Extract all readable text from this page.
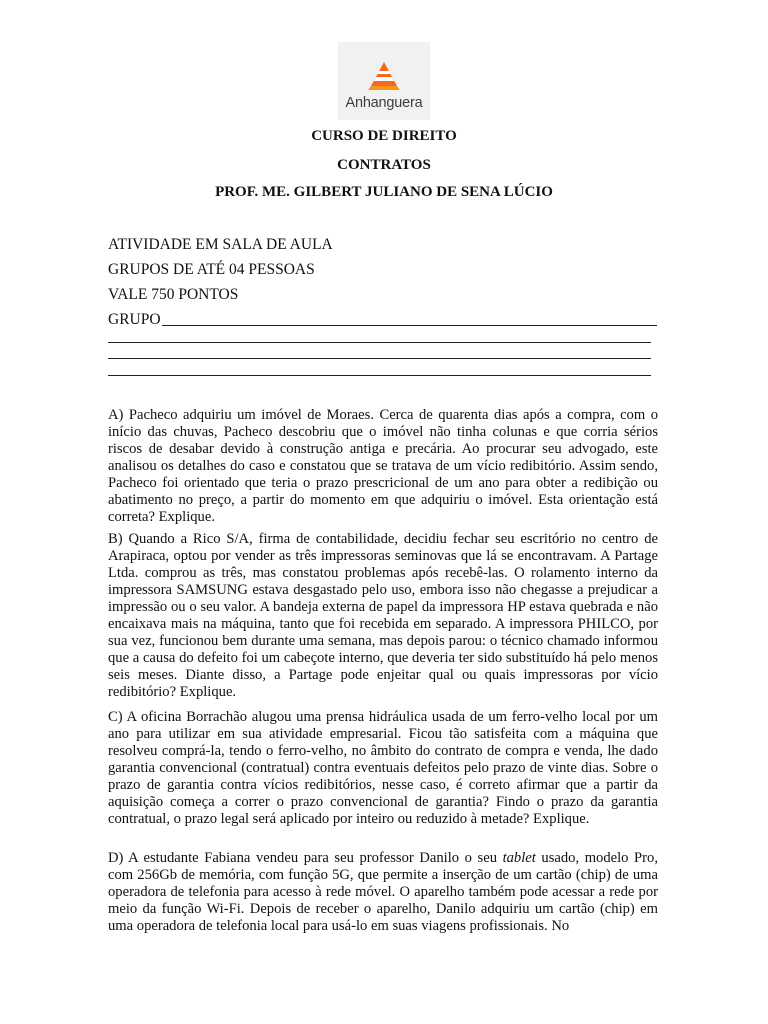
Anhanguera

CURSO DE DIREITO

CONTRATOS

PROF. ME. GILBERT JULIANO DE SENA LÚCIO

ATIVIDADE EM SALA DE AULA

GRUPOS DE ATÉ 04 PESSOAS

VALE 750 PONTOS

GRUPO

A) Pacheco adquiriu um imóvel de Moraes. Cerca de quarenta dias após a compra, com o início das chuvas, Pacheco descobriu que o imóvel não tinha colunas e que corria sérios riscos de desabar devido à construção antiga e precária. Ao procurar seu advogado, este analisou os detalhes do caso e constatou que se tratava de um vício redibitório. Assim sendo, Pacheco foi orientado que teria o prazo prescricional de um ano para obter a redibição ou abatimento no preço, a partir do momento em que adquiriu o imóvel. Esta orientação está correta? Explique.

B) Quando a Rico S/A, firma de contabilidade, decidiu fechar seu escritório no centro de Arapiraca, optou por vender as três impressoras seminovas que lá se encontravam. A Partage Ltda. comprou as três, mas constatou problemas após recebê-las. O rolamento interno da impressora SAMSUNG estava desgastado pelo uso, embora isso não chegasse a prejudicar a impressão ou o seu valor. A bandeja externa de papel da impressora HP estava quebrada e não encaixava mais na máquina, tanto que foi recebida em separado. A impressora PHILCO, por sua vez, funcionou bem durante uma semana, mas depois parou: o técnico chamado informou que a causa do defeito foi um cabeçote interno, que deveria ter sido substituído há pelo menos seis meses. Diante disso, a Partage pode enjeitar qual ou quais impressoras por vício redibitório? Explique.

C) A oficina Borrachão alugou uma prensa hidráulica usada de um ferro-velho local por um ano para utilizar em sua atividade empresarial. Ficou tão satisfeita com a máquina que resolveu comprá-la, tendo o ferro-velho, no âmbito do contrato de compra e venda, lhe dado garantia convencional (contratual) contra eventuais defeitos pelo prazo de vinte dias. Sobre o prazo de garantia contra vícios redibitórios, nesse caso, é correto afirmar que a partir da aquisição começa a correr o prazo convencional de garantia? Findo o prazo da garantia contratual, o prazo legal será aplicado por inteiro ou reduzido à metade? Explique.

D) A estudante Fabiana vendeu para seu professor Danilo o seu tablet usado, modelo Pro, com 256Gb de memória, com função 5G, que permite a inserção de um cartão (chip) de uma operadora de telefonia para acesso à rede móvel. O aparelho também pode acessar a rede por meio da função Wi-Fi. Depois de receber o aparelho, Danilo adquiriu um cartão (chip) em uma operadora de telefonia local para usá-lo em suas viagens profissionais. No
